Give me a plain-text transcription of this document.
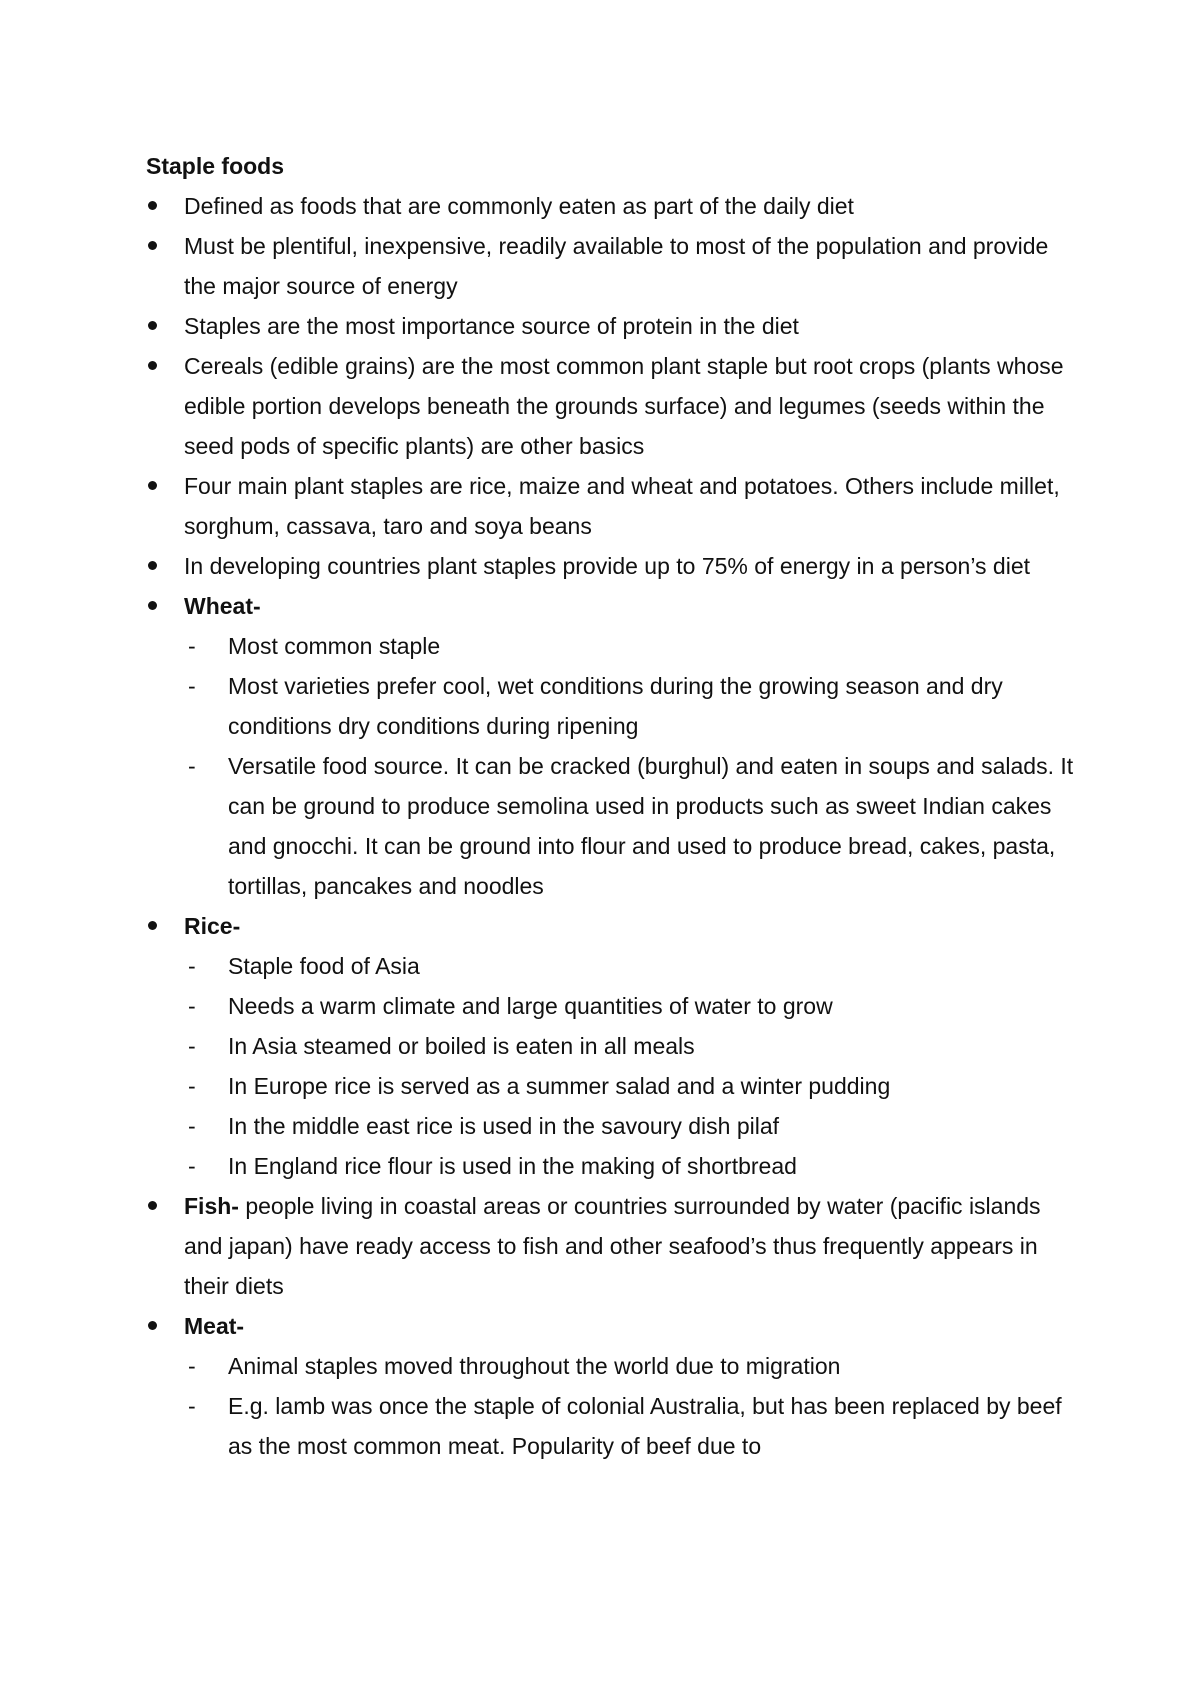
Staple foods
Defined as foods that are commonly eaten as part of the daily diet
Must be plentiful, inexpensive, readily available to most of the population and provide the major source of energy
Staples are the most importance source of protein in the diet
Cereals (edible grains) are the most common plant staple but root crops (plants whose edible portion develops beneath the grounds surface) and legumes (seeds within the seed pods of specific plants) are other basics
Four main plant staples are rice, maize and wheat and potatoes. Others include millet, sorghum, cassava, taro and soya beans
In developing countries plant staples provide up to 75% of energy in a person’s diet
Wheat-
- Most common staple
- Most varieties prefer cool, wet conditions during the growing season and dry conditions dry conditions during ripening
- Versatile food source. It can be cracked (burghul) and eaten in soups and salads. It can be ground to produce semolina used in products such as sweet Indian cakes and gnocchi. It can be ground into flour and used to produce bread, cakes, pasta, tortillas, pancakes and noodles
Rice-
- Staple food of Asia
- Needs a warm climate and large quantities of water to grow
- In Asia steamed or boiled is eaten in all meals
- In Europe rice is served as a summer salad and a winter pudding
- In the middle east rice is used in the savoury dish pilaf
- In England rice flour is used in the making of shortbread
Fish- people living in coastal areas or countries surrounded by water (pacific islands and japan) have ready access to fish and other seafood’s thus frequently appears in their diets
Meat-
- Animal staples moved throughout the world due to migration
- E.g. lamb was once the staple of colonial Australia, but has been replaced by beef as the most common meat. Popularity of beef due to
